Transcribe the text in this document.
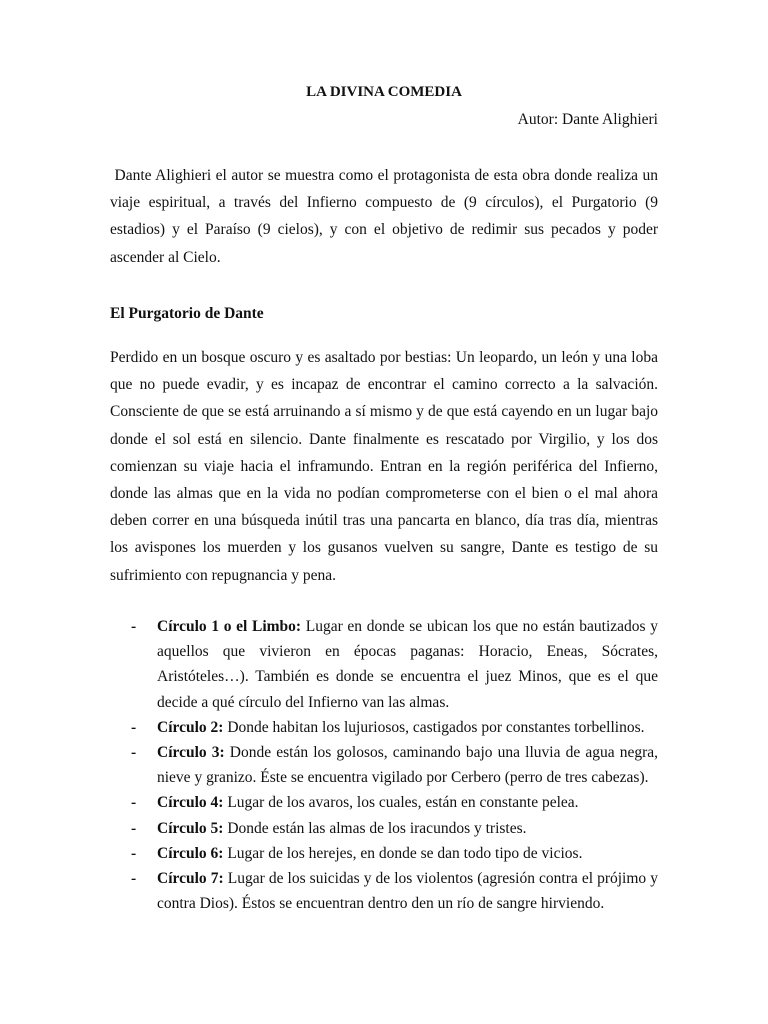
LA DIVINA COMEDIA

Autor: Dante Alighieri

Dante Alighieri el autor se muestra como el protagonista de esta obra donde realiza un viaje espiritual, a través del Infierno compuesto de (9 círculos), el Purgatorio (9 estadios) y el Paraíso (9 cielos), y con el objetivo de redimir sus pecados y poder ascender al Cielo.

El Purgatorio de Dante

Perdido en un bosque oscuro y es asaltado por bestias: Un leopardo, un león y una loba que no puede evadir, y es incapaz de encontrar el camino correcto a la salvación. Consciente de que se está arruinando a sí mismo y de que está cayendo en un lugar bajo donde el sol está en silencio. Dante finalmente es rescatado por Virgilio, y los dos comienzan su viaje hacia el inframundo. Entran en la región periférica del Infierno, donde las almas que en la vida no podían comprometerse con el bien o el mal ahora deben correr en una búsqueda inútil tras una pancarta en blanco, día tras día, mientras los avispones los muerden y los gusanos vuelven su sangre, Dante es testigo de su sufrimiento con repugnancia y pena.

- Círculo 1 o el Limbo: Lugar en donde se ubican los que no están bautizados y aquellos que vivieron en épocas paganas: Horacio, Eneas, Sócrates, Aristóteles…). También es donde se encuentra el juez Minos, que es el que decide a qué círculo del Infierno van las almas.
- Círculo 2: Donde habitan los lujuriosos, castigados por constantes torbellinos.
- Círculo 3: Donde están los golosos, caminando bajo una lluvia de agua negra, nieve y granizo. Éste se encuentra vigilado por Cerbero (perro de tres cabezas).
- Círculo 4: Lugar de los avaros, los cuales, están en constante pelea.
- Círculo 5: Donde están las almas de los iracundos y tristes.
- Círculo 6: Lugar de los herejes, en donde se dan todo tipo de vicios.
- Círculo 7: Lugar de los suicidas y de los violentos (agresión contra el prójimo y contra Dios). Éstos se encuentran dentro den un río de sangre hirviendo.
